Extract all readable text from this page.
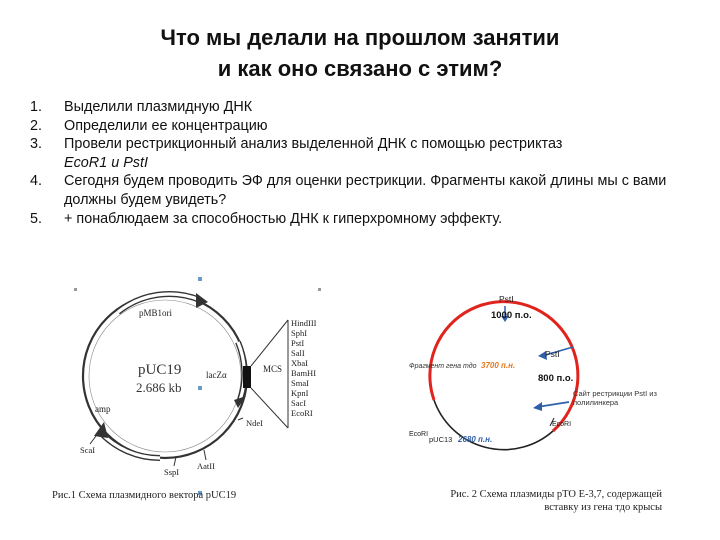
Что мы делали на прошлом занятии
и как оно связано с этим?
1. Выделили плазмидную ДНК
2. Определили ее концентрацию
3. Провели рестрикционный анализ выделенной ДНК с помощью рестриктаз
EcoR1 и PstI
4. Сегодня будем проводить ЭФ для оценки рестрикции. Фрагменты какой длины мы с вами должны будем увидеть?
5. + понаблюдаем за способностью ДНК к гиперхромному эффекту.
HindIII
SphI
PstI
SalI
XbaI
BamHI
SmaI
KpnI
SacI
EcoRI
pMB1ori
pUC19
2.686 kb
lacZα
MCS
amp
NdeI
ScaI
SspI
AatII
Рис.1 Схема плазмидного вектора pUC19
PstI
1000 п.о.
PstI
800 п.о.
Фрагмент гена тдо 3700 п.н.
Сайт рестрикции PstI из
полилинкера
EcoRI
EcoRI
pUC13 2680 п.н.
Рис. 2 Схема плазмиды pTO E-3,7, содержащей
вставку из гена тдо крысы
